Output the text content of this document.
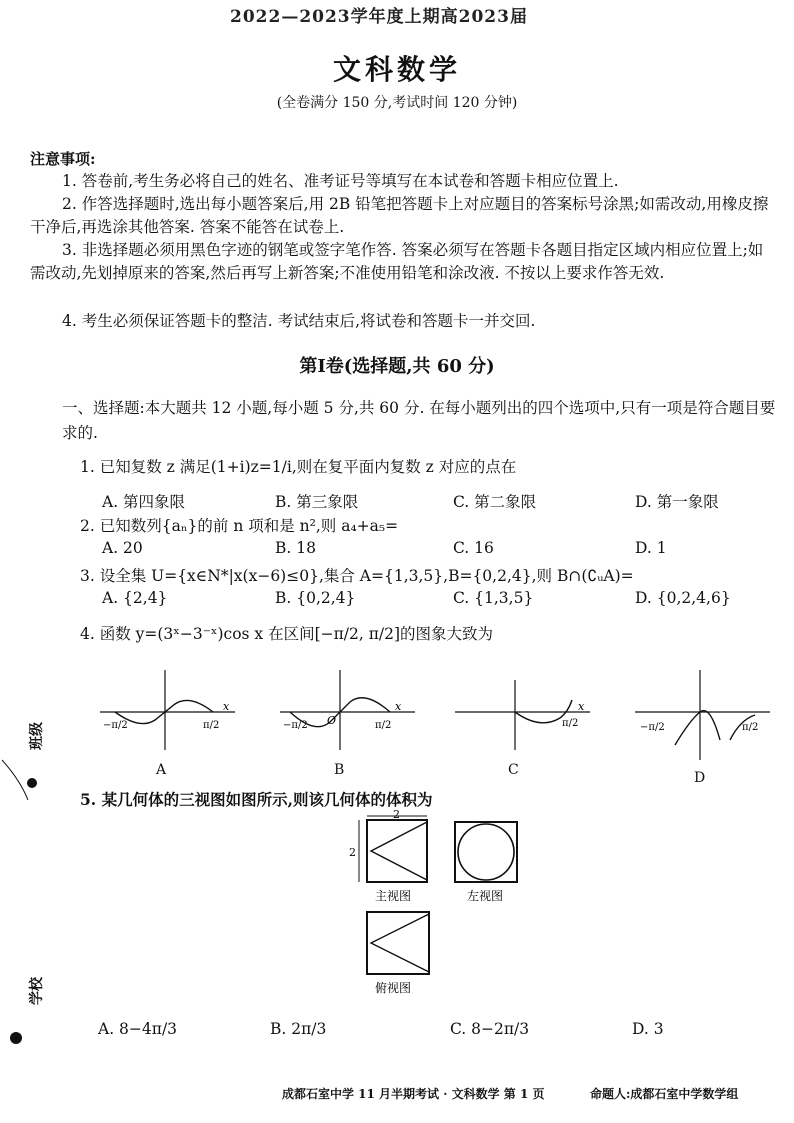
2022—2023学年度上期高2023届
文科数学
(全卷满分 150 分,考试时间 120 分钟)
注意事项:
1. 答卷前,考生务必将自己的姓名、准考证号等填写在本试卷和答题卡相应位置上.
2. 作答选择题时,选出每小题答案后,用 2B 铅笔把答题卡上对应题目的答案标号涂黑;如需改动,用橡皮擦干净后,再选涂其他答案. 答案不能答在试卷上.
3. 非选择题必须用黑色字迹的钢笔或签字笔作答. 答案必须写在答题卡各题目指定区域内相应位置上;如需改动,先划掉原来的答案,然后再写上新答案;不准使用铅笔和涂改液. 不按以上要求作答无效.
4. 考生必须保证答题卡的整洁. 考试结束后,将试卷和答题卡一并交回.
第Ⅰ卷(选择题,共 60 分)
一、选择题:本大题共 12 小题,每小题 5 分,共 60 分. 在每小题列出的四个选项中,只有一项是符合题目要求的.
1. 已知复数 z 满足(1+i)z=1/i,则在复平面内复数 z 对应的点在
A. 第四象限	B. 第三象限	C. 第二象限	D. 第一象限
2. 已知数列{aₙ}的前 n 项和是 n²,则 a₄+a₅=
A. 20	B. 18	C. 16	D. 1
3. 设全集 U={x∈N*|x(x−6)≤0},集合 A={1,3,5},B={0,2,4},则 B∩(∁ᵤA)=
A. {2,4}	B. {0,2,4}	C. {1,3,5}	D. {0,2,4,6}
4. 函数 y=(3ˣ−3⁻ˣ)cos x 在区间[−π/2, π/2]的图象大致为
−π/2	π/2
x
A
−π/2	π/2
O
x
B
π/2
x
C
−π/2	π/2
D
5. 某几何体的三视图如图所示,则该几何体的体积为
2
2
主视图	左视图
俯视图
A. 8−4π/3	B. 2π/3	C. 8−2π/3	D. 3
班级
学校
成都石室中学 11 月半期考试 · 文科数学 第 1 页	命题人:成都石室中学数学组
